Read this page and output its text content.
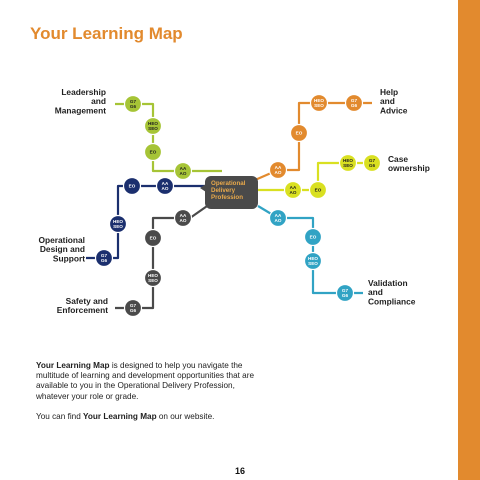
Your Learning Map
Operational
Delivery
Profession
G7
G6
HEO
SEO
EO
AA
AO
G7
G6
HEO
SEO
EO
AA
AO
G7
G6
HEO
SEO
EO
AA
AO
EO	AA
AO
HEO
SEO
G7
G6
AA
AO
EO
HEO
SEO
G7
G6
AA
AO
EO
HEO
SEO
G7
G6
Leadership
and
Management
Help
and
Advice
Case
ownership
Operational
Design and
Support
Validation
and
Compliance
Safety and
Enforcement

Your Learning Map is designed to help you navigate the multitude of learning and development opportunities that are available to you in the Operational Delivery Profession, whatever your role or grade.

You can find Your Learning Map on our website.

16
